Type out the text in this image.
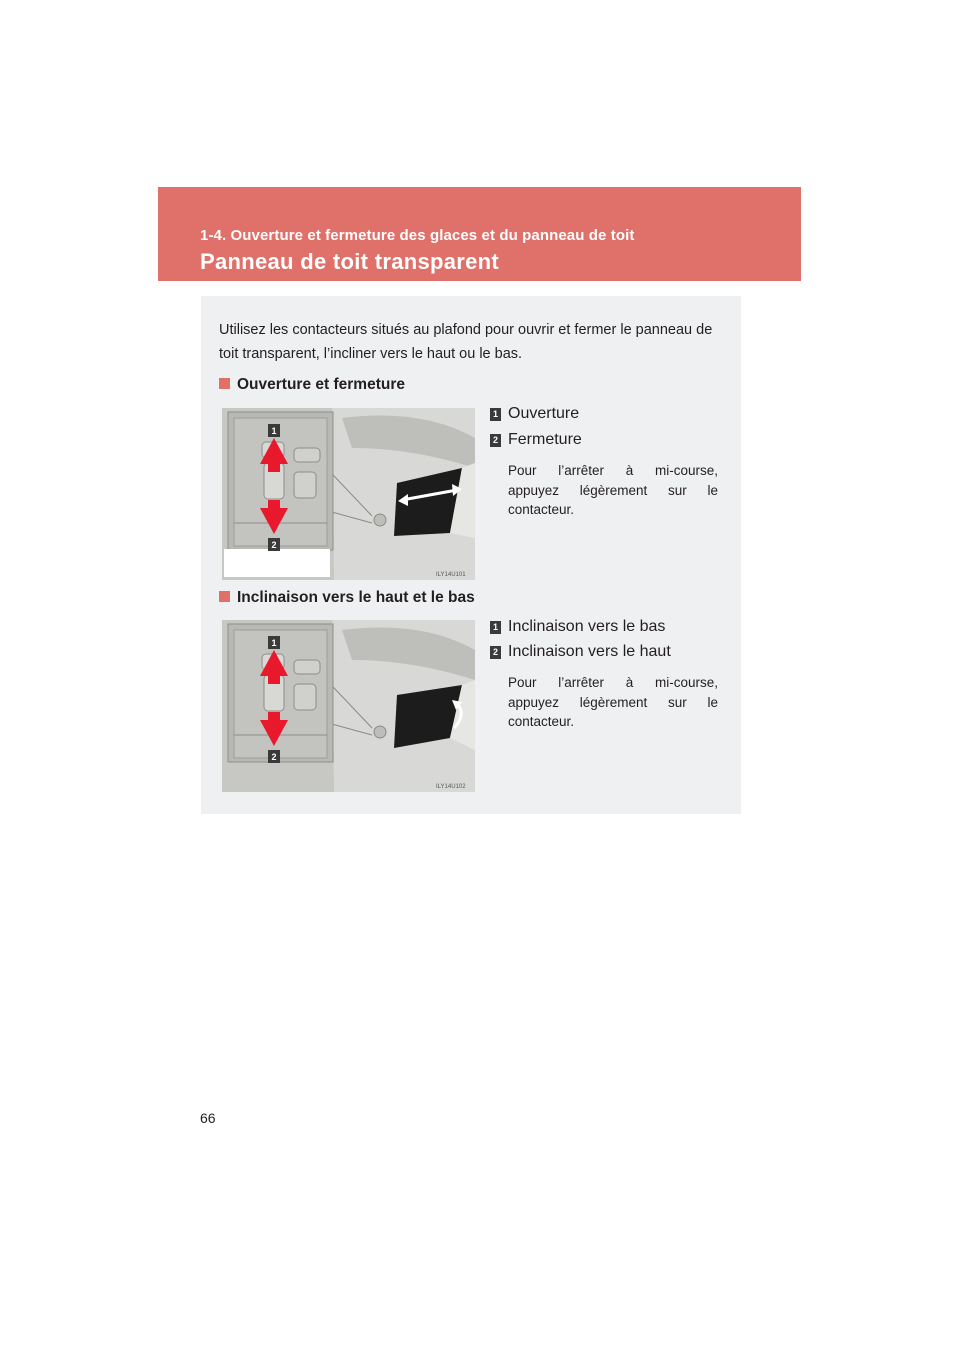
1-4. Ouverture et fermeture des glaces et du panneau de toit
Panneau de toit transparent
Utilisez les contacteurs situés au plafond pour ouvrir et fermer le panneau de toit transparent, l’incliner vers le haut ou le bas.
Ouverture et fermeture
1
2
ILY14U101
1 Ouverture
2 Fermeture
Pour l’arrêter à mi-course, appuyez légèrement sur le contacteur.
Inclinaison vers le haut et le bas
1
2
ILY14U102
1 Inclinaison vers le bas
2 Inclinaison vers le haut
Pour l’arrêter à mi-course, appuyez légèrement sur le contacteur.
66
